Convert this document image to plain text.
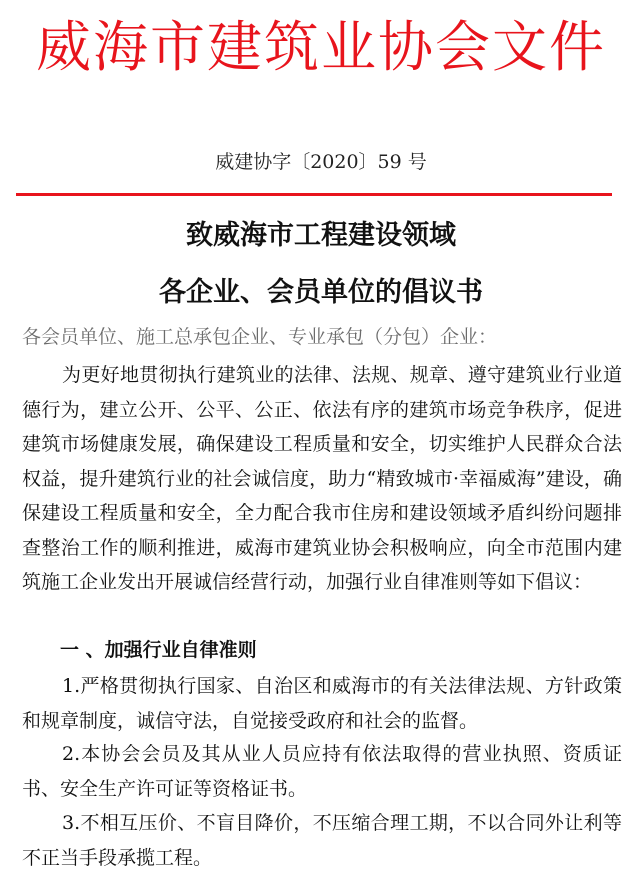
威海市建筑业协会文件
威建协字〔2020〕59 号
致威海市工程建设领域
各企业、会员单位的倡议书
各会员单位、施工总承包企业、专业承包（分包）企业：
为更好地贯彻执行建筑业的法律、法规、规章、遵守建筑业行业道德行为，建立公开、公平、公正、依法有序的建筑市场竞争秩序，促进建筑市场健康发展，确保建设工程质量和安全，切实维护人民群众合法权益，提升建筑行业的社会诚信度，助力“精致城市·幸福威海”建设，确保建设工程质量和安全，全力配合我市住房和建设领域矛盾纠纷问题排查整治工作的顺利推进，威海市建筑业协会积极响应，向全市范围内建筑施工企业发出开展诚信经营行动，加强行业自律准则等如下倡议：
一 、加强行业自律准则
1.严格贯彻执行国家、自治区和威海市的有关法律法规、方针政策和规章制度，诚信守法，自觉接受政府和社会的监督。
2.本协会会员及其从业人员应持有依法取得的营业执照、资质证书、安全生产许可证等资格证书。
3.不相互压价、不盲目降价，不压缩合理工期，不以合同外让利等不正当手段承揽工程。
